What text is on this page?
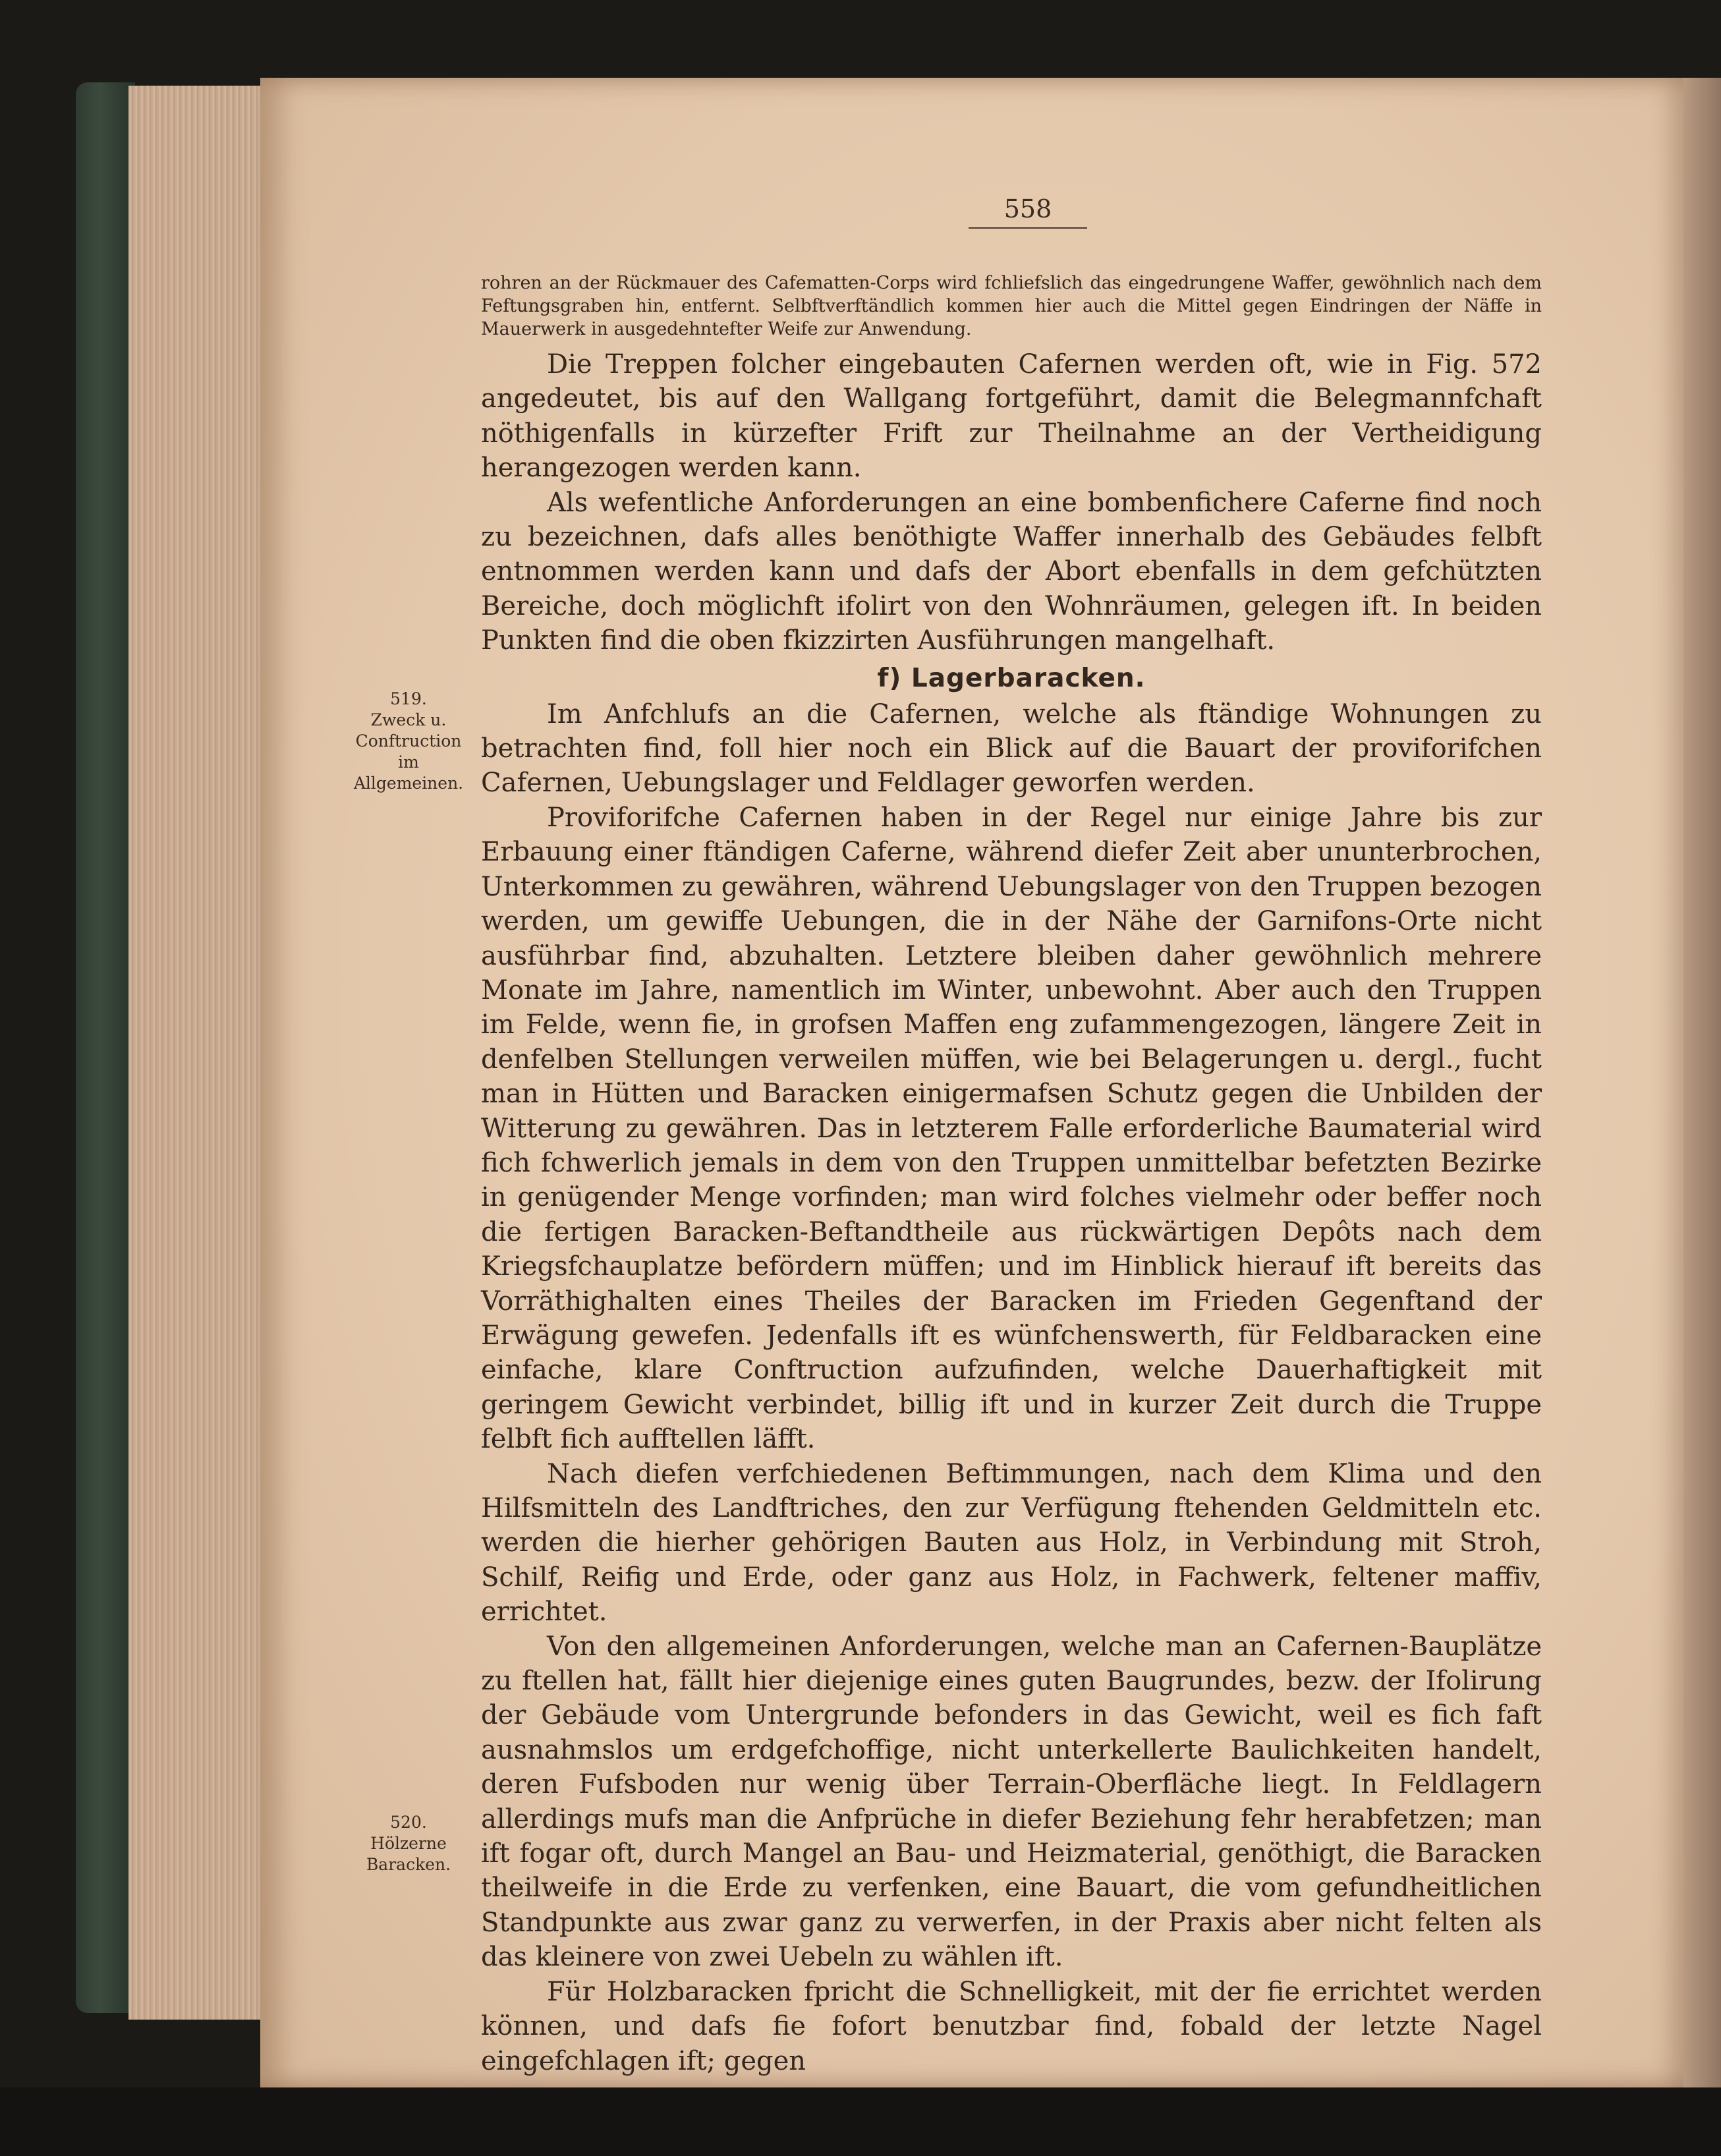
558
519.
Zweck u.
Conftruction
im
Allgemeinen.
520.
Hölzerne
Baracken.

rohren an der Rückmauer des Cafematten-Corps wird fchliefslich das eingedrungene Waffer, gewöhnlich nach dem Feftungsgraben hin, entfernt. Selbftverftändlich kommen hier auch die Mittel gegen Eindringen der Näffe in Mauerwerk in ausgedehntefter Weife zur Anwendung.

Die Treppen folcher eingebauten Cafernen werden oft, wie in Fig. 572 angedeutet, bis auf den Wallgang fortgeführt, damit die Belegmannfchaft nöthigenfalls in kürzefter Frift zur Theilnahme an der Vertheidigung herangezogen werden kann.

Als wefentliche Anforderungen an eine bombenfichere Caferne find noch zu bezeichnen, dafs alles benöthigte Waffer innerhalb des Gebäudes felbft entnommen werden kann und dafs der Abort ebenfalls in dem gefchützten Bereiche, doch möglichft ifolirt von den Wohnräumen, gelegen ift. In beiden Punkten find die oben fkizzirten Ausführungen mangelhaft.

f) Lagerbaracken.

Im Anfchlufs an die Cafernen, welche als ftändige Wohnungen zu betrachten find, foll hier noch ein Blick auf die Bauart der proviforifchen Cafernen, Uebungslager und Feldlager geworfen werden.

Proviforifche Cafernen haben in der Regel nur einige Jahre bis zur Erbauung einer ftändigen Caferne, während diefer Zeit aber ununterbrochen, Unterkommen zu gewähren, während Uebungslager von den Truppen bezogen werden, um gewiffe Uebungen, die in der Nähe der Garnifons-Orte nicht ausführbar find, abzuhalten. Letztere bleiben daher gewöhnlich mehrere Monate im Jahre, namentlich im Winter, unbewohnt. Aber auch den Truppen im Felde, wenn fie, in grofsen Maffen eng zufammengezogen, längere Zeit in denfelben Stellungen verweilen müffen, wie bei Belagerungen u. dergl., fucht man in Hütten und Baracken einigermafsen Schutz gegen die Unbilden der Witterung zu gewähren. Das in letzterem Falle erforderliche Baumaterial wird fich fchwerlich jemals in dem von den Truppen unmittelbar befetzten Bezirke in genügender Menge vorfinden; man wird folches vielmehr oder beffer noch die fertigen Baracken-Beftandtheile aus rückwärtigen Depôts nach dem Kriegsfchauplatze befördern müffen; und im Hinblick hierauf ift bereits das Vorräthighalten eines Theiles der Baracken im Frieden Gegenftand der Erwägung gewefen. Jedenfalls ift es wünfchenswerth, für Feldbaracken eine einfache, klare Conftruction aufzufinden, welche Dauerhaftigkeit mit geringem Gewicht verbindet, billig ift und in kurzer Zeit durch die Truppe felbft fich aufftellen läfft.

Nach diefen verfchiedenen Beftimmungen, nach dem Klima und den Hilfsmitteln des Landftriches, den zur Verfügung ftehenden Geldmitteln etc. werden die hierher gehörigen Bauten aus Holz, in Verbindung mit Stroh, Schilf, Reifig und Erde, oder ganz aus Holz, in Fachwerk, feltener maffiv, errichtet.

Von den allgemeinen Anforderungen, welche man an Cafernen-Bauplätze zu ftellen hat, fällt hier diejenige eines guten Baugrundes, bezw. der Ifolirung der Gebäude vom Untergrunde befonders in das Gewicht, weil es fich faft ausnahmslos um erdgefchoffige, nicht unterkellerte Baulichkeiten handelt, deren Fufsboden nur wenig über Terrain-Oberfläche liegt. In Feldlagern allerdings mufs man die Anfprüche in diefer Beziehung fehr herabfetzen; man ift fogar oft, durch Mangel an Bau- und Heizmaterial, genöthigt, die Baracken theilweife in die Erde zu verfenken, eine Bauart, die vom gefundheitlichen Standpunkte aus zwar ganz zu verwerfen, in der Praxis aber nicht felten als das kleinere von zwei Uebeln zu wählen ift.

Für Holzbaracken fpricht die Schnelligkeit, mit der fie errichtet werden können, und dafs fie fofort benutzbar find, fobald der letzte Nagel eingefchlagen ift; gegen
